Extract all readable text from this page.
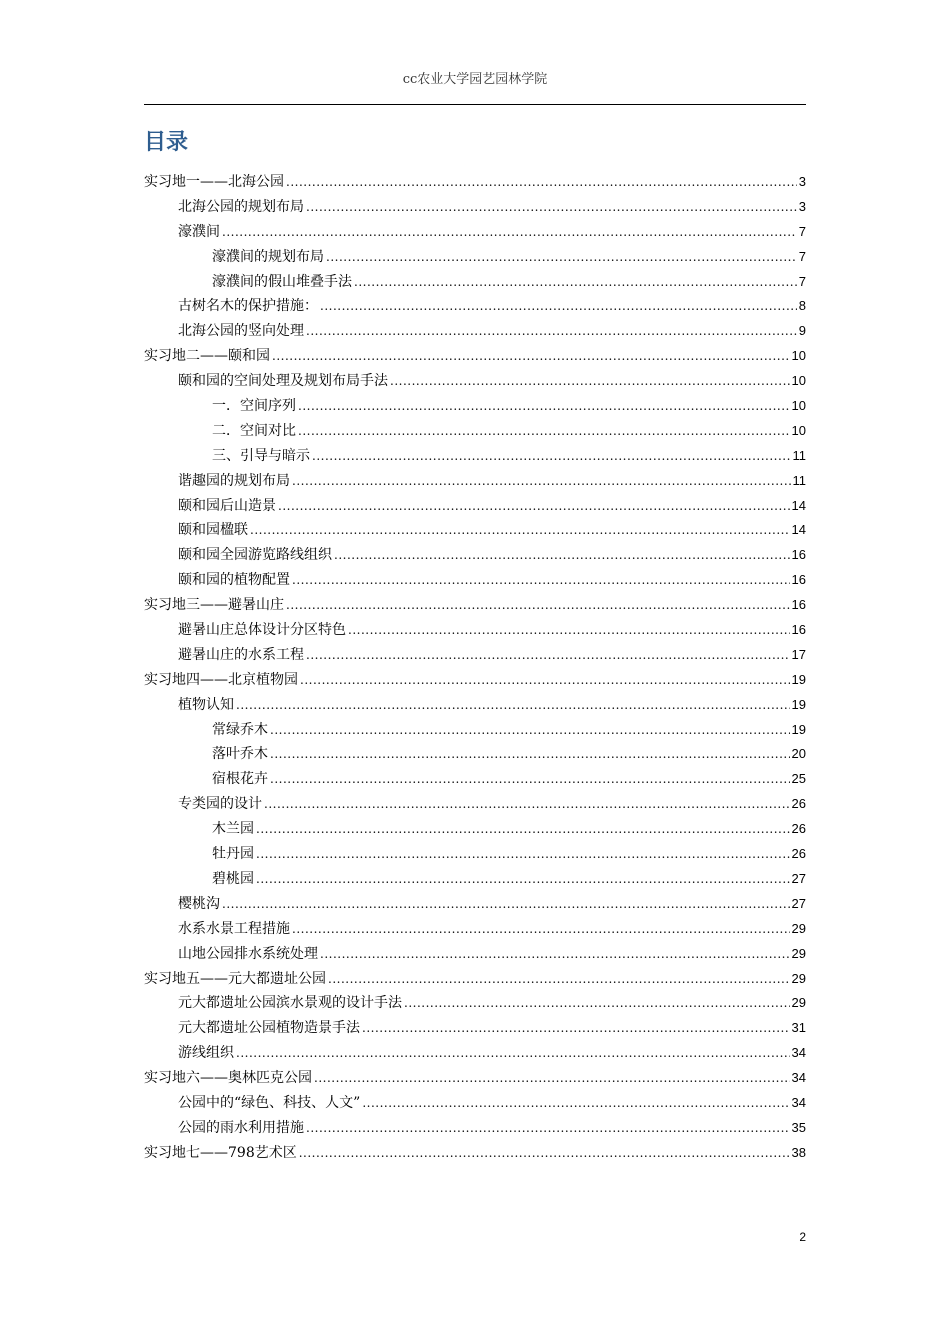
cc农业大学园艺园林学院
目录
实习地一——北海公园 .....	3
北海公园的规划布局 .....	3
濠濮间 .....	7
濠濮间的规划布局 .....	7
濠濮间的假山堆叠手法 .....	7
古树名木的保护措施： .....	8
北海公园的竖向处理 .....	9
实习地二——颐和园 .....	10
颐和园的空间处理及规划布局手法 .....	10
一．空间序列 .....	10
二．空间对比 .....	10
三、引导与暗示 .....	11
谐趣园的规划布局 .....	11
颐和园后山造景 .....	14
颐和园楹联 .....	14
颐和园全园游览路线组织 .....	16
颐和园的植物配置 .....	16
实习地三——避暑山庄 .....	16
避暑山庄总体设计分区特色 .....	16
避暑山庄的水系工程 .....	17
实习地四——北京植物园 .....	19
植物认知 .....	19
常绿乔木 .....	19
落叶乔木 .....	20
宿根花卉 .....	25
专类园的设计 .....	26
木兰园 .....	26
牡丹园 .....	26
碧桃园 .....	27
樱桃沟 .....	27
水系水景工程措施 .....	29
山地公园排水系统处理 .....	29
实习地五——元大都遗址公园 .....	29
元大都遗址公园滨水景观的设计手法 .....	29
元大都遗址公园植物造景手法 .....	31
游线组织 .....	34
实习地六——奥林匹克公园 .....	34
公园中的“绿色、科技、人文” .....	34
公园的雨水利用措施 .....	35
实习地七——798艺术区 .....	38
2
